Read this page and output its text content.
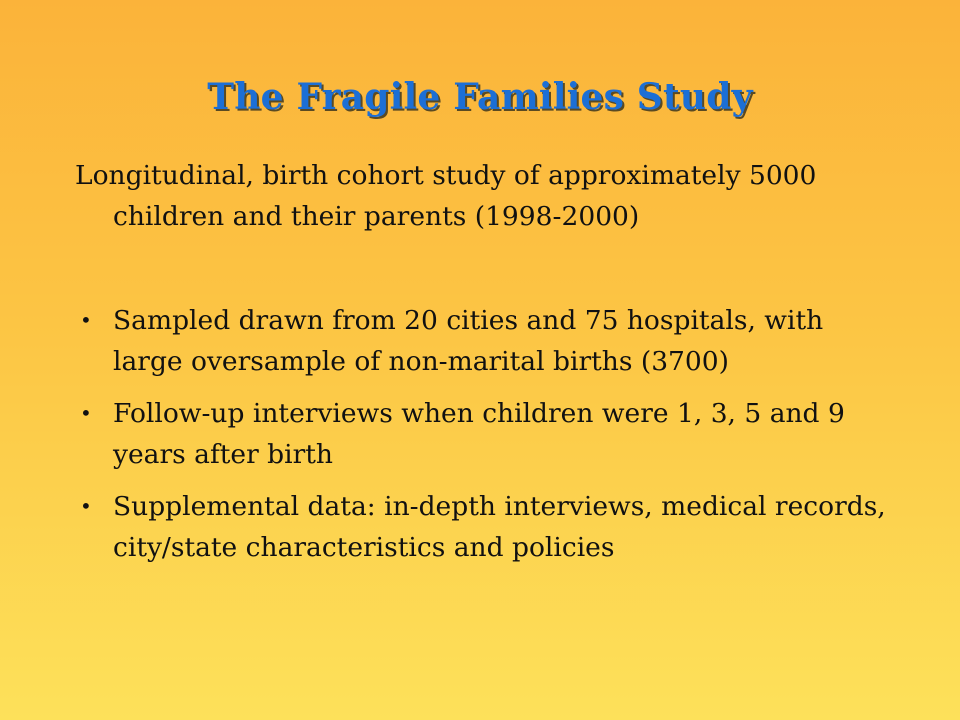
The Fragile Families Study

Longitudinal, birth cohort study of approximately 5000 children and their parents (1998-2000)

• Sampled drawn from 20 cities and 75 hospitals, with large oversample of non-marital births (3700)
• Follow-up interviews when children were 1, 3, 5 and 9 years after birth
• Supplemental data: in-depth interviews, medical records, city/state characteristics and policies
